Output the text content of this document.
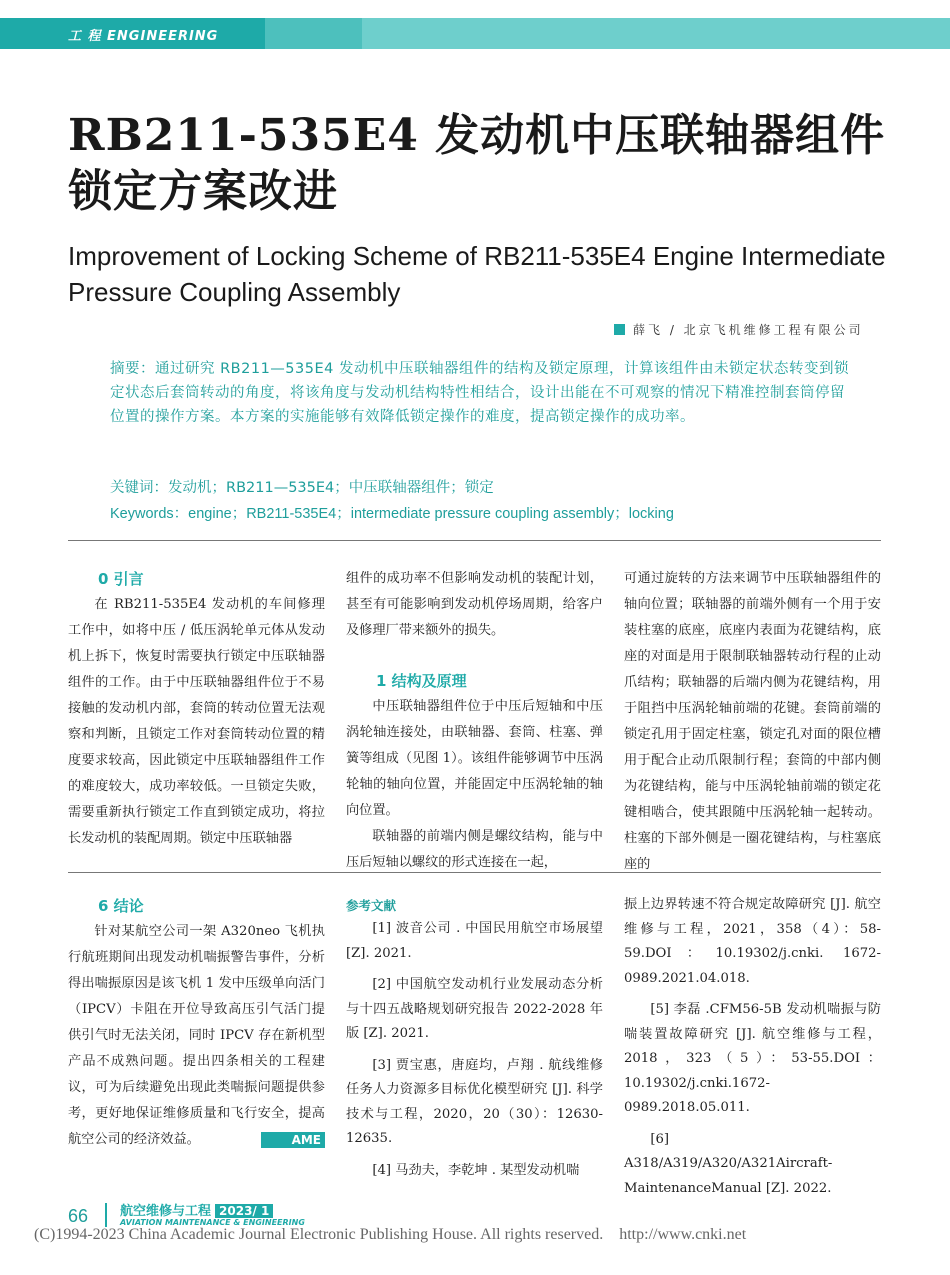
工 程 ENGINEERING
RB211-535E4 发动机中压联轴器组件
锁定方案改进
Improvement of Locking Scheme of RB211-535E4 Engine Intermediate
Pressure Coupling Assembly
薛飞 / 北京飞机维修工程有限公司
摘要：通过研究 RB211—535E4 发动机中压联轴器组件的结构及锁定原理，计算该组件由未锁定状态转变到锁定状态后套筒转动的角度，将该角度与发动机结构特性相结合，设计出能在不可观察的情况下精准控制套筒停留位置的操作方案。本方案的实施能够有效降低锁定操作的难度，提高锁定操作的成功率。
关键词：发动机；RB211—535E4；中压联轴器组件；锁定
Keywords：engine；RB211-535E4；intermediate pressure coupling assembly；locking

0 引言

在 RB211-535E4 发动机的车间修理工作中，如将中压 / 低压涡轮单元体从发动机上拆下，恢复时需要执行锁定中压联轴器组件的工作。由于中压联轴器组件位于不易接触的发动机内部，套筒的转动位置无法观察和判断，且锁定工作对套筒转动位置的精度要求较高，因此锁定中压联轴器组件工作的难度较大，成功率较低。一旦锁定失败，需要重新执行锁定工作直到锁定成功，将拉长发动机的装配周期。锁定中压联轴器

组件的成功率不但影响发动机的装配计划，甚至有可能影响到发动机停场周期，给客户及修理厂带来额外的损失。

1 结构及原理

中压联轴器组件位于中压后短轴和中压涡轮轴连接处，由联轴器、套筒、柱塞、弹簧等组成（见图 1）。该组件能够调节中压涡轮轴的轴向位置，并能固定中压涡轮轴的轴向位置。

联轴器的前端内侧是螺纹结构，能与中压后短轴以螺纹的形式连接在一起，

可通过旋转的方法来调节中压联轴器组件的轴向位置；联轴器的前端外侧有一个用于安装柱塞的底座，底座内表面为花键结构，底座的对面是用于限制联轴器转动行程的止动爪结构；联轴器的后端内侧为花键结构，用于阻挡中压涡轮轴前端的花键。套筒前端的锁定孔用于固定柱塞，锁定孔对面的限位槽用于配合止动爪限制行程；套筒的中部内侧为花键结构，能与中压涡轮轴前端的锁定花键相啮合，使其跟随中压涡轮轴一起转动。柱塞的下部外侧是一圈花键结构，与柱塞底座的

6 结论

针对某航空公司一架 A320neo 飞机执行航班期间出现发动机喘振警告事件，分析得出喘振原因是该飞机 1 发中压级单向活门（IPCV）卡阻在开位导致高压引气活门提供引气时无法关闭，同时 IPCV 存在新机型产品不成熟问题。提出四条相关的工程建议，可为后续避免出现此类喘振问题提供参考，更好地保证维修质量和飞行安全，提高航空公司的经济效益。	AME

参考文献

[1] 波音公司 . 中国民用航空市场展望 [Z]. 2021.

[2] 中国航空发动机行业发展动态分析与十四五战略规划研究报告 2022-2028 年版 [Z]. 2021.

[3] 贾宝惠，唐庭均，卢翔 . 航线维修任务人力资源多目标优化模型研究 [J]. 科学技术与工程，2020，20（30）：12630-12635.

[4] 马劲夫，李乾坤 . 某型发动机喘

振上边界转速不符合规定故障研究 [J]. 航空维修与工程，2021，358（4）：58-59.DOI：10.19302/j.cnki. 1672-0989.2021.04.018.

[5] 李磊 .CFM56-5B 发动机喘振与防喘装置故障研究 [J]. 航空维修与工程，2018，323（5）：53-55.DOI：10.19302/j.cnki.1672-0989.2018.05.011.

[6] A318/A319/A320/A321Aircraft-MaintenanceManual [Z]. 2022.

66 航空维修与工程 2023/ 1
AVIATION MAINTENANCE & ENGINEERING
(C)1994-2023 China Academic Journal Electronic Publishing House. All rights reserved.    http://www.cnki.net
